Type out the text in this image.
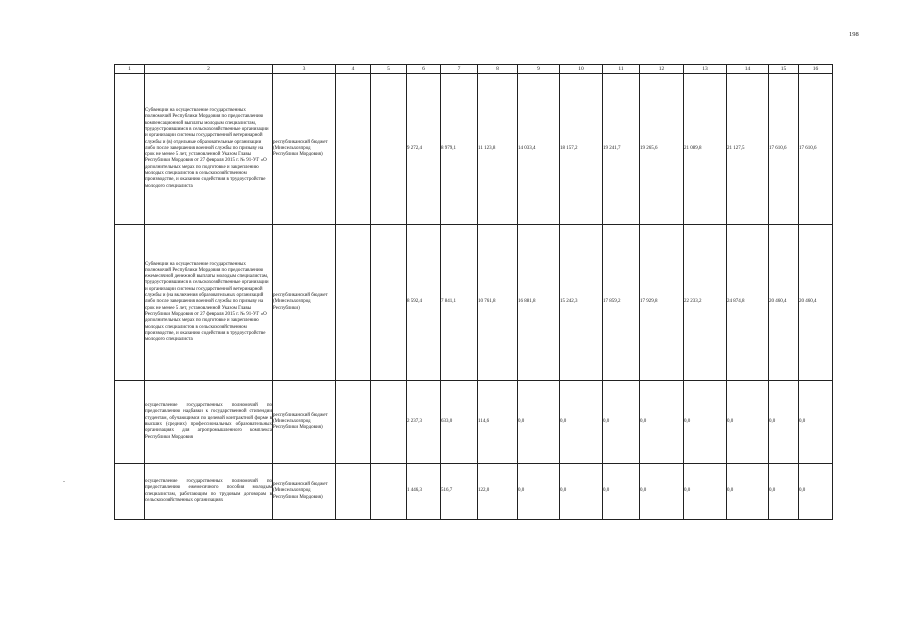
198
-
1	2	3	4	5	6	7	8	9	10	11	12	13	14	15	16
	Субвенции на осуществление государственных полномочий Республики Мордовия по предоставлению компенсационной выплаты молодым специалистам, трудоустроившимся в сельскохозяйственные организации и организации системы государственной ветеринарной службы и (в) отдельные образовательные организации либо после завершения военной службы по призыву на срок не менее 5 лет, установленной Указом Главы Республики Мордовия от 27 февраля 2015 г. № 91-УГ «О дополнительных мерах по подготовке и закреплению молодых специалистов в сельскохозяйственном производстве, и оказанию содействия в трудоустройстве молодого специалиста	республиканский бюджет (Минсельхозпрод Республики Мордовия)			9 272,4	8 979,1	11 123,8	14 033,4	18 157,2	19 241,7	19 265,6	21 089,8	21 127,5	17 610,6	17 610,6
	Субвенции на осуществление государственных полномочий Республики Мордовия по предоставлению ежемесячной денежной выплаты молодым специалистам, трудоустроившимся в сельскохозяйственные организации и организации системы государственной ветеринарной службы и (на включения образовательных организаций либо после завершения военной службы по призыву на срок не менее 5 лет, установленной Указом Главы Республики Мордовия от 27 февраля 2015 г. № 91-УГ «О дополнительных мерах по подготовке и закреплению молодых специалистов в сельскохозяйственном производстве, и оказанию содействия в трудоустройстве молодого специалиста	республиканский бюджет (Минсельхозпрод Республики)			8 592,4	7 841,1	10 761,8	16 881,8	15 242,3	17 859,2	17 929,8	22 233,2	24 874,8	20 460,4	20 460,4
	осуществление государственных полномочий по предоставлению надбавки к государственной стипендии студентам, обучающимся по целевой контрактной форме в высших (средних) профессиональных образовательных организациях для агропромышленного комплекса Республики Мордовия	республиканский бюджет (Минсельхозпрод Республики Мордовия)			2 237,3	633,0	114,6	0,0	0,0	0,0	0,0	0,0	0,0	0,0	0,0
	осуществление государственных полномочий по предоставлению ежемесячного пособия молодым специалистам, работающим по трудовым договорам в сельскохозяйственных организациях	республиканский бюджет (Минсельхозпрод Республики Мордовия)			1 446,3	516,7	122,0	0,0	0,0	0,0	0,0	0,0	0,0	0,0	0,0
